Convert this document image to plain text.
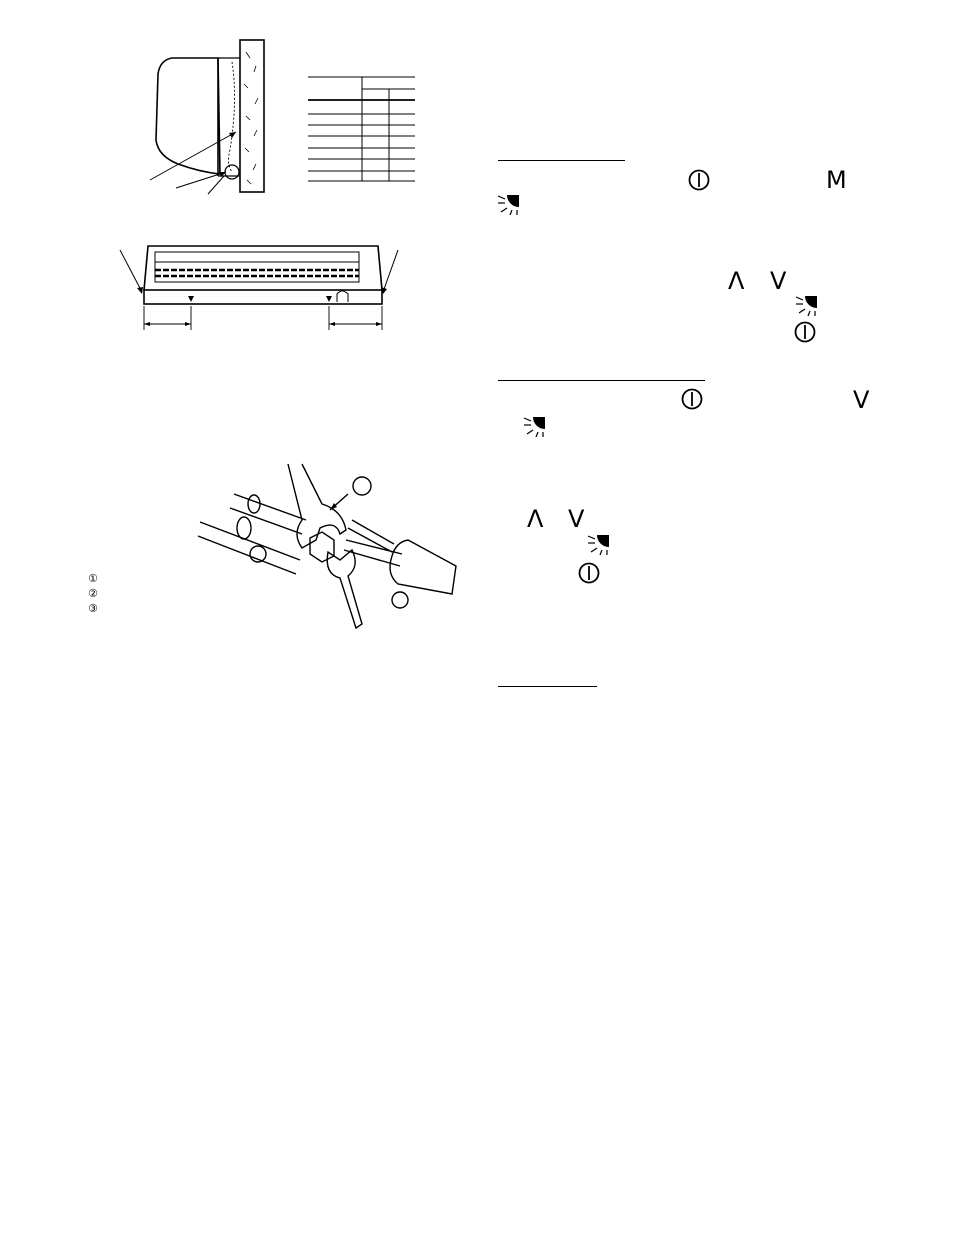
①
②
③
M
Λ V
V
Λ V
